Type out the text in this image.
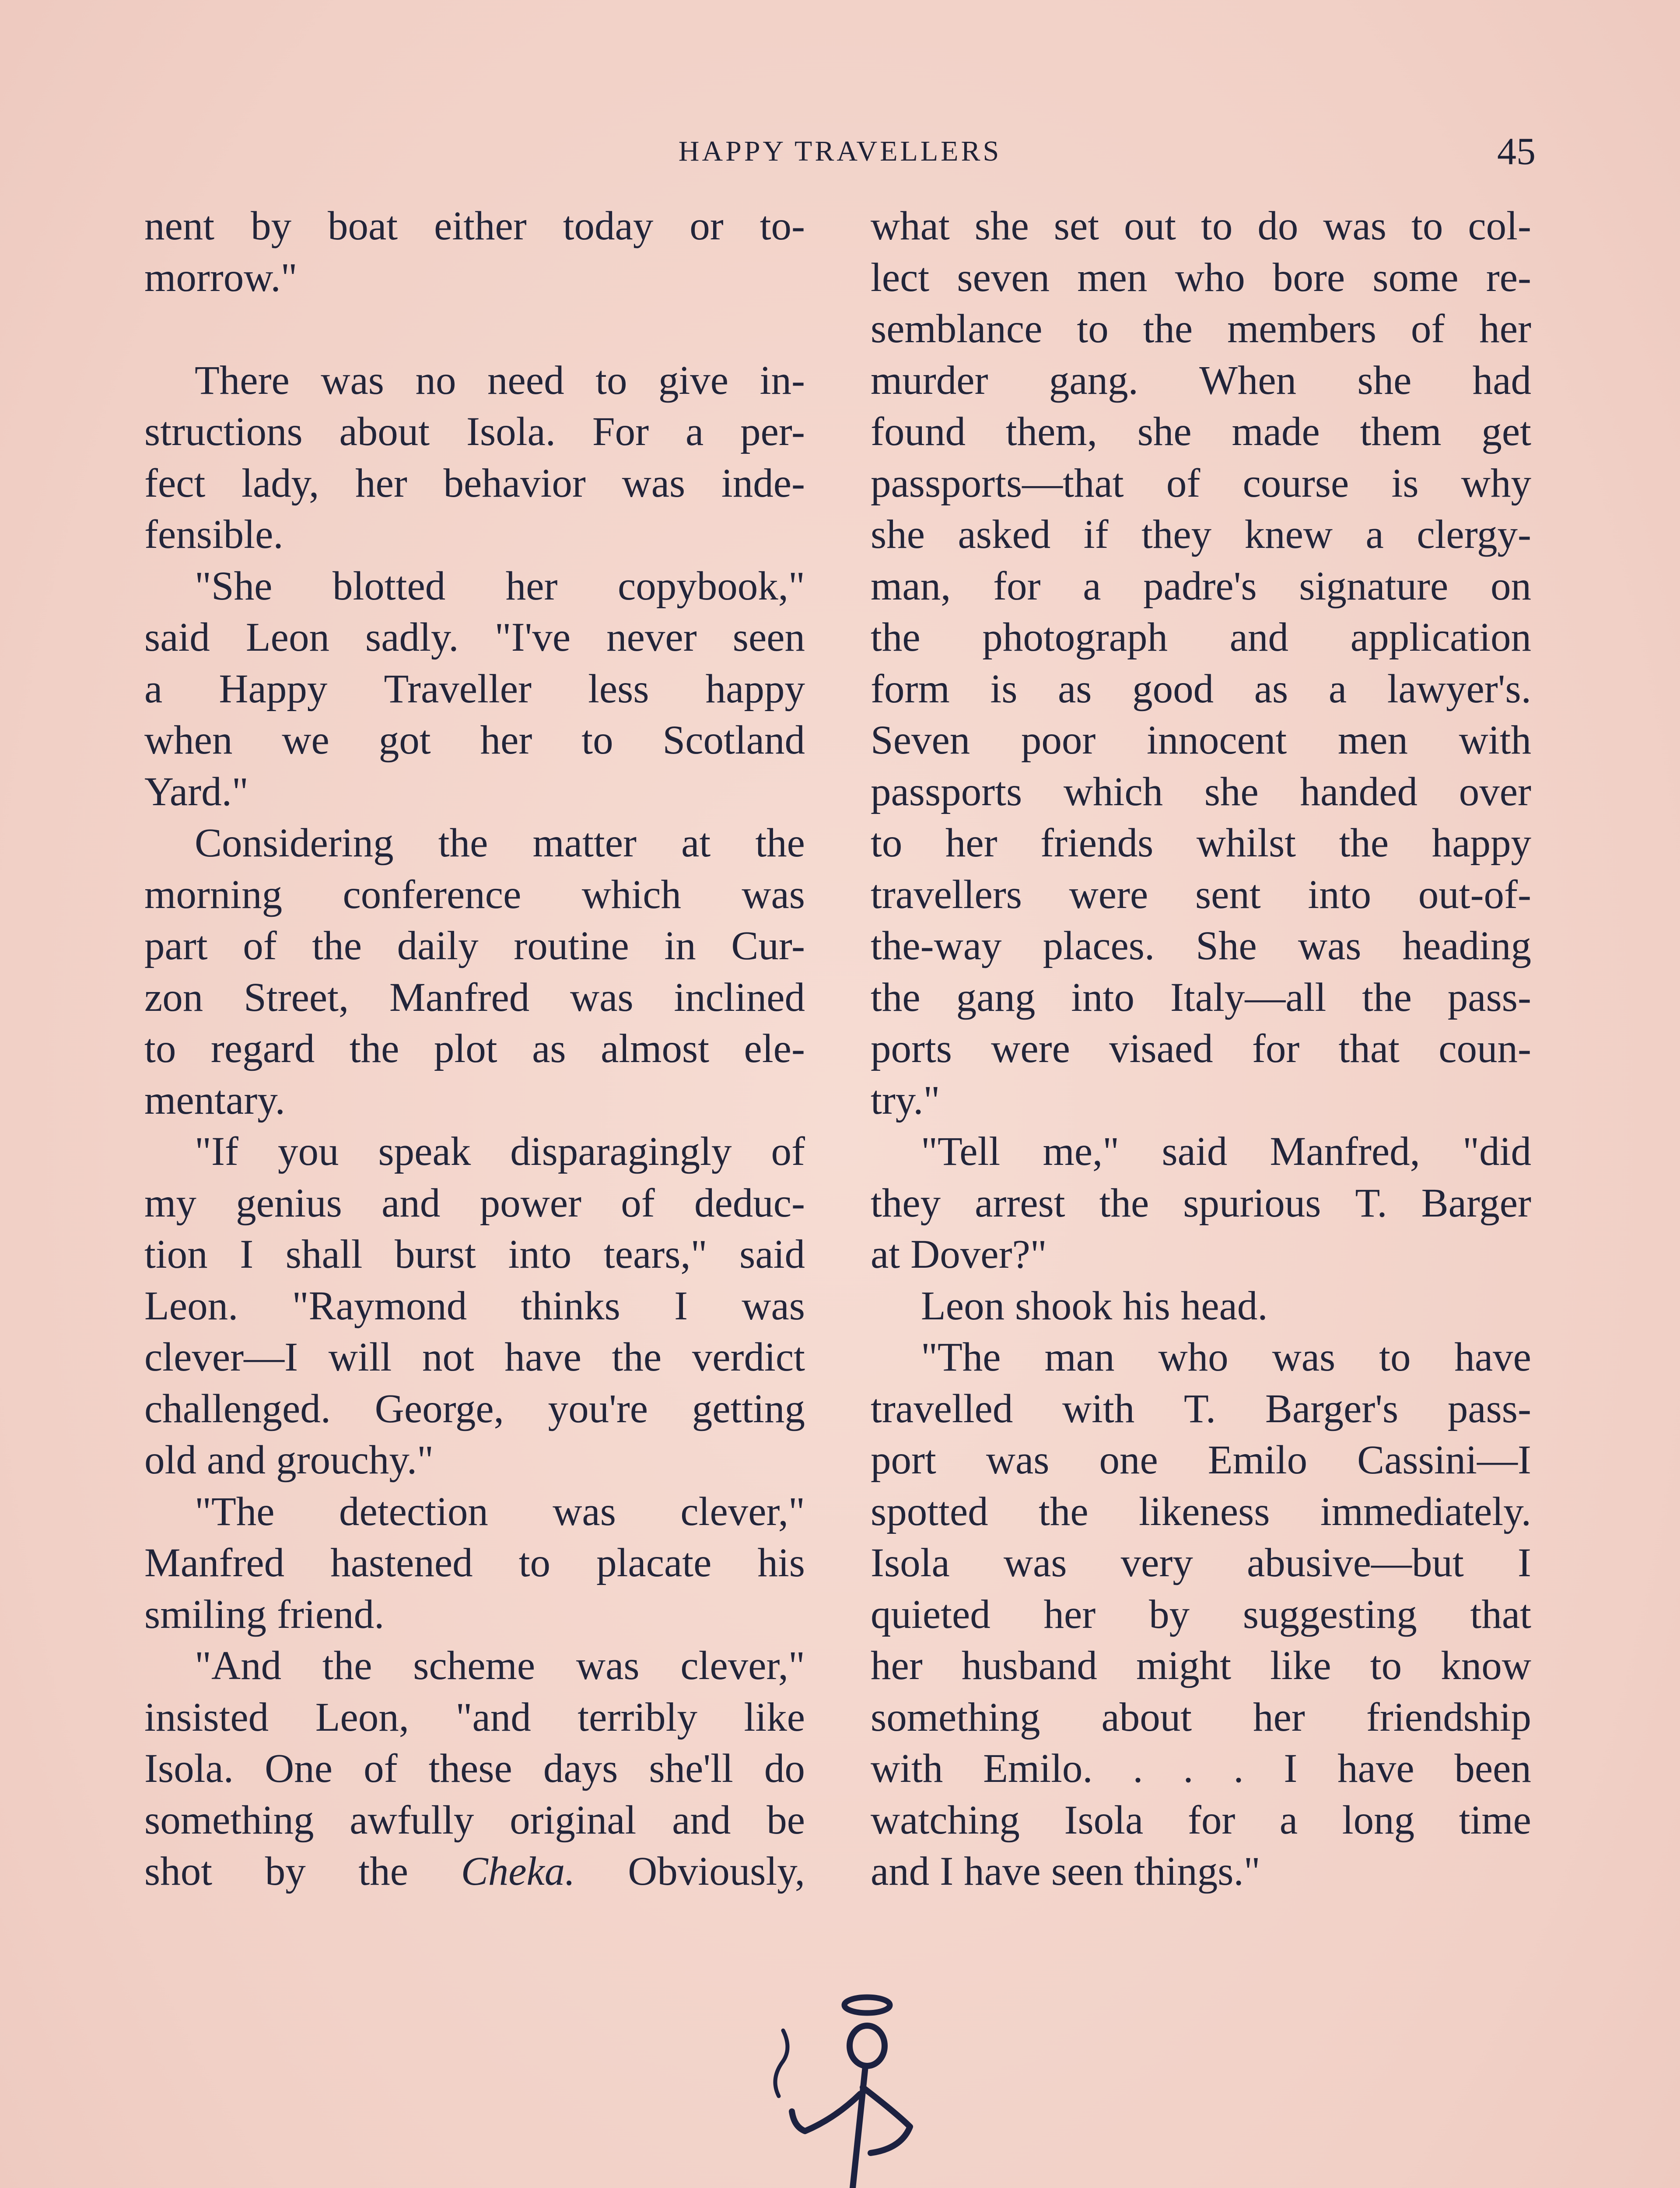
HAPPY TRAVELLERS	45
nent by boat either today or to-
morrow."
There was no need to give in-
structions about Isola. For a per-
fect lady, her behavior was inde-
fensible.
"She blotted her copybook,"
said Leon sadly. "I've never seen
a Happy Traveller less happy
when we got her to Scotland
Yard."
Considering the matter at the
morning conference which was
part of the daily routine in Cur-
zon Street, Manfred was inclined
to regard the plot as almost ele-
mentary.
"If you speak disparagingly of
my genius and power of deduc-
tion I shall burst into tears," said
Leon. "Raymond thinks I was
clever—I will not have the verdict
challenged. George, you're getting
old and grouchy."
"The detection was clever,"
Manfred hastened to placate his
smiling friend.
"And the scheme was clever,"
insisted Leon, "and terribly like
Isola. One of these days she'll do
something awfully original and be
shot by the Cheka. Obviously,
what she set out to do was to col-
lect seven men who bore some re-
semblance to the members of her
murder gang. When she had
found them, she made them get
passports—that of course is why
she asked if they knew a clergy-
man, for a padre's signature on
the photograph and application
form is as good as a lawyer's.
Seven poor innocent men with
passports which she handed over
to her friends whilst the happy
travellers were sent into out-of-
the-way places. She was heading
the gang into Italy—all the pass-
ports were visaed for that coun-
try."
"Tell me," said Manfred, "did
they arrest the spurious T. Barger
at Dover?"
Leon shook his head.
"The man who was to have
travelled with T. Barger's pass-
port was one Emilo Cassini—I
spotted the likeness immediately.
Isola was very abusive—but I
quieted her by suggesting that
her husband might like to know
something about her friendship
with Emilo. . . . I have been
watching Isola for a long time
and I have seen things."
